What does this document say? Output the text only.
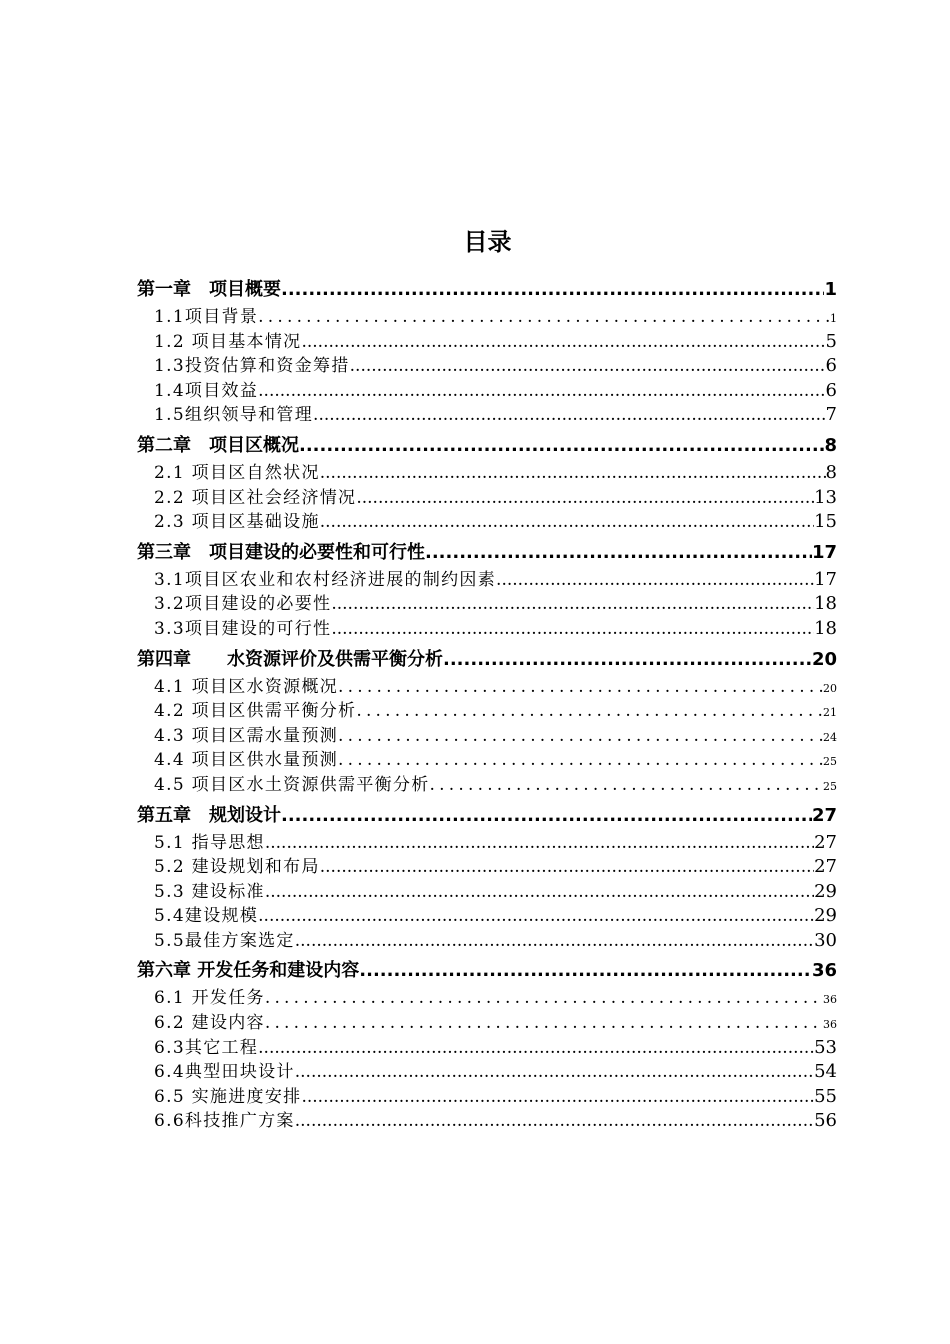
目录
第一章　项目概要 .....	1
1.1项目背景 . . .	1
1.2 项目基本情况 .....	5
1.3投资估算和资金筹措 .....	6
1.4项目效益 .....	6
1.5组织领导和管理 .....	7
第二章　项目区概况 .....	8
2.1 项目区自然状况 .....	8
2.2 项目区社会经济情况 .....	13
2.3 项目区基础设施 .....	15
第三章　项目建设的必要性和可行性 .....	17
3.1项目区农业和农村经济进展的制约因素 .....	17
3.2项目建设的必要性 .....	18
3.3项目建设的可行性 .....	18
第四章　　水资源评价及供需平衡分析 .....	20
4.1 项目区水资源概况 . . .	20
4.2 项目区供需平衡分析 . . .	21
4.3 项目区需水量预测 . . .	24
4.4 项目区供水量预测 . . .	25
4.5 项目区水土资源供需平衡分析 . . .	25
第五章　规划设计 .....	27
5.1 指导思想 .....	27
5.2 建设规划和布局 .....	27
5.3 建设标准 .....	29
5.4建设规模 .....	29
5.5最佳方案选定 .....	30
第六章 开发任务和建设内容 .....	36
6.1 开发任务 . . .	36
6.2 建设内容 . . .	36
6.3其它工程 .....	53
6.4典型田块设计 .....	54
6.5 实施进度安排 .....	55
6.6科技推广方案 .....	56
